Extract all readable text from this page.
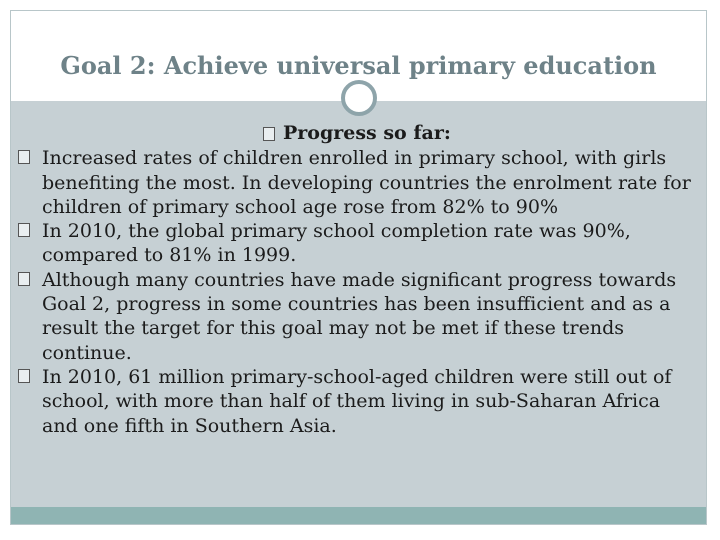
Goal 2: Achieve universal primary education
Progress so far:
Increased rates of children enrolled in primary school, with girls benefiting the most. In developing countries the enrolment rate for children of primary school age rose from 82% to 90%
In 2010, the global primary school completion rate was 90%, compared to 81% in 1999.
Although many countries have made significant progress towards Goal 2, progress in some countries has been insufficient and as a result the target for this goal may not be met if these trends continue.
In 2010, 61 million primary-school-aged children were still out of school, with more than half of them living in sub-Saharan Africa and one fifth in Southern Asia.
